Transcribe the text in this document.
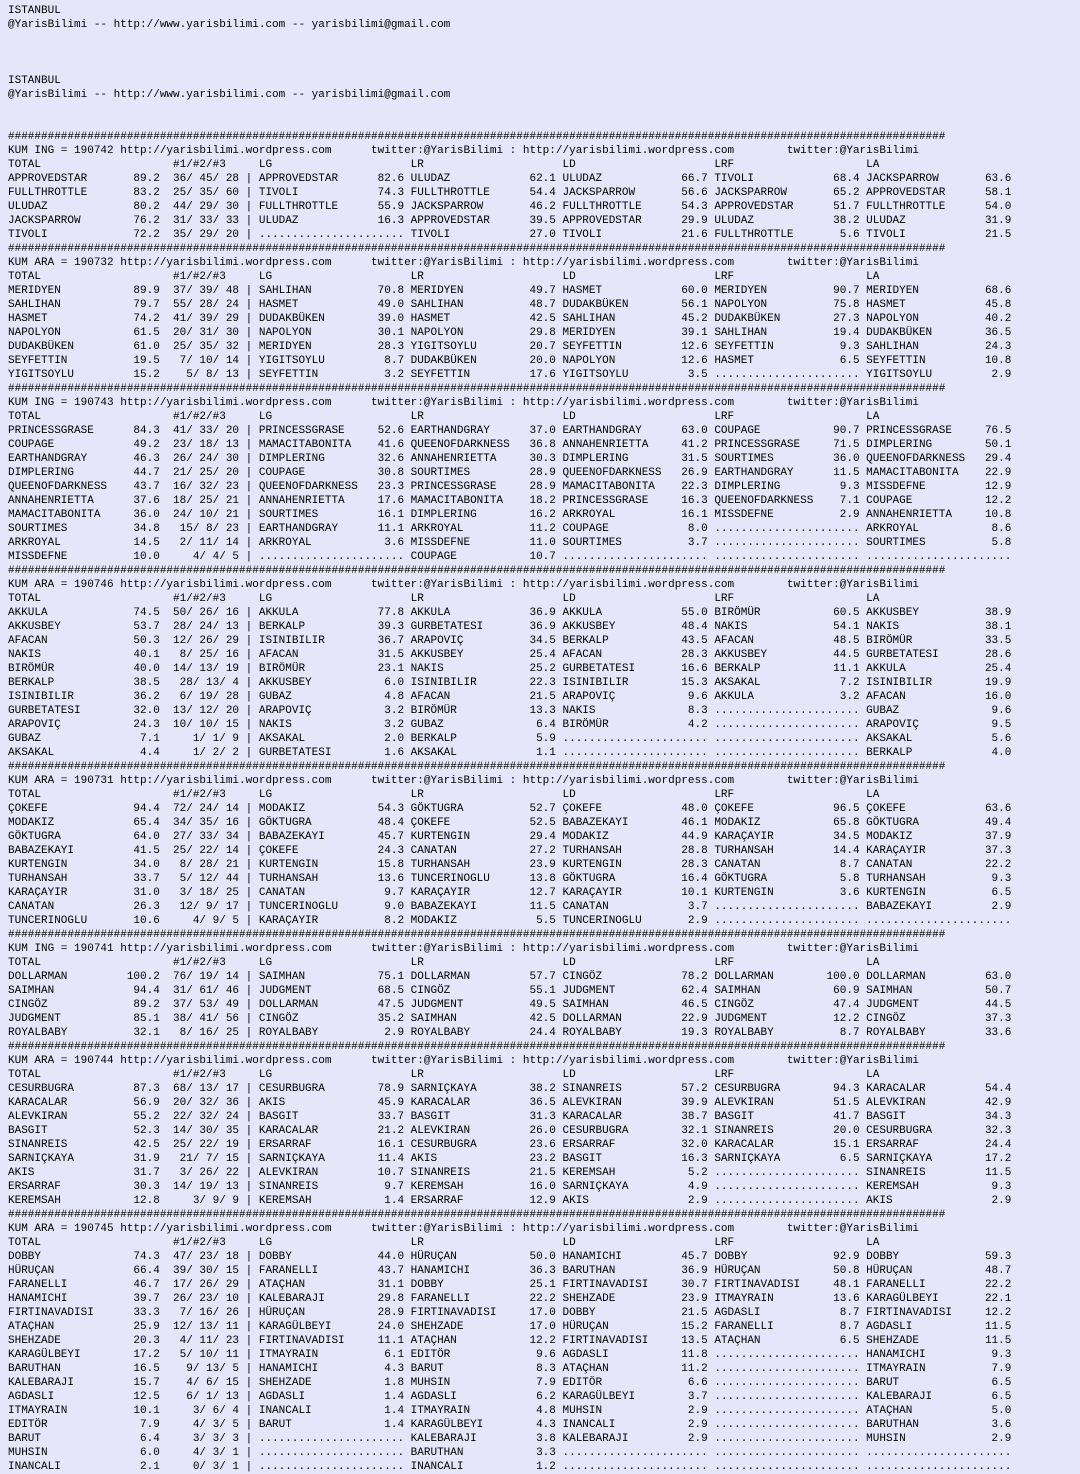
ISTANBUL
@YarisBilimi -- http://www.yarisbilimi.com -- yarisbilimi@gmail.com

ISTANBUL
@YarisBilimi -- http://www.yarisbilimi.com -- yarisbilimi@gmail.com

##############################################################################################################################################
KUM ING = 190742 http://yarisbilimi.wordpress.com      twitter:@YarisBilimi : http://yarisbilimi.wordpress.com        twitter:@YarisBilimi
TOTAL                    #1/#2/#3     LG                     LR                     LD                     LRF                    LA
APPROVEDSTAR       89.2  36/ 45/ 28 | APPROVEDSTAR      82.6 ULUDAZ            62.1 ULUDAZ            66.7 TIVOLI            68.4 JACKSPARROW       63.6
FULLTHROTTLE       83.2  25/ 35/ 60 | TIVOLI            74.3 FULLTHROTTLE      54.4 JACKSPARROW       56.6 JACKSPARROW       65.2 APPROVEDSTAR      58.1
ULUDAZ             80.2  44/ 29/ 30 | FULLTHROTTLE      55.9 JACKSPARROW       46.2 FULLTHROTTLE      54.3 APPROVEDSTAR      51.7 FULLTHROTTLE      54.0
JACKSPARROW        76.2  31/ 33/ 33 | ULUDAZ            16.3 APPROVEDSTAR      39.5 APPROVEDSTAR      29.9 ULUDAZ            38.2 ULUDAZ            31.9
TIVOLI             72.2  35/ 29/ 20 | ...................... TIVOLI            27.0 TIVOLI            21.6 FULLTHROTTLE       5.6 TIVOLI            21.5
##############################################################################################################################################
KUM ARA = 190732 http://yarisbilimi.wordpress.com      twitter:@YarisBilimi : http://yarisbilimi.wordpress.com        twitter:@YarisBilimi
TOTAL                    #1/#2/#3     LG                     LR                     LD                     LRF                    LA
MERIDYEN           89.9  37/ 39/ 48 | SAHLIHAN          70.8 MERIDYEN          49.7 HASMET            60.0 MERIDYEN          90.7 MERIDYEN          68.6
SAHLIHAN           79.7  55/ 28/ 24 | HASMET            49.0 SAHLIHAN          48.7 DUDAKBÜKEN        56.1 NAPOLYON          75.8 HASMET            45.8
HASMET             74.2  41/ 39/ 29 | DUDAKBÜKEN        39.0 HASMET            42.5 SAHLIHAN          45.2 DUDAKBÜKEN        27.3 NAPOLYON          40.2
NAPOLYON           61.5  20/ 31/ 30 | NAPOLYON          30.1 NAPOLYON          29.8 MERIDYEN          39.1 SAHLIHAN          19.4 DUDAKBÜKEN        36.5
DUDAKBÜKEN         61.0  25/ 35/ 32 | MERIDYEN          28.3 YIGITSOYLU        20.7 SEYFETTIN         12.6 SEYFETTIN          9.3 SAHLIHAN          24.3
SEYFETTIN          19.5   7/ 10/ 14 | YIGITSOYLU         8.7 DUDAKBÜKEN        20.0 NAPOLYON          12.6 HASMET             6.5 SEYFETTIN         10.8
YIGITSOYLU         15.2    5/ 8/ 13 | SEYFETTIN          3.2 SEYFETTIN         17.6 YIGITSOYLU         3.5 ...................... YIGITSOYLU         2.9
##############################################################################################################################################
KUM ING = 190743 http://yarisbilimi.wordpress.com      twitter:@YarisBilimi : http://yarisbilimi.wordpress.com        twitter:@YarisBilimi
TOTAL                    #1/#2/#3     LG                     LR                     LD                     LRF                    LA
PRINCESSGRASE      84.3  41/ 33/ 20 | PRINCESSGRASE     52.6 EARTHANDGRAY      37.0 EARTHANDGRAY      63.0 COUPAGE           90.7 PRINCESSGRASE     76.5
COUPAGE            49.2  23/ 18/ 13 | MAMACITABONITA    41.6 QUEENOFDARKNESS   36.8 ANNAHENRIETTA     41.2 PRINCESSGRASE     71.5 DIMPLERING        50.1
EARTHANDGRAY       46.3  26/ 24/ 30 | DIMPLERING        32.6 ANNAHENRIETTA     30.3 DIMPLERING        31.5 SOURTIMES         36.0 QUEENOFDARKNESS   29.4
DIMPLERING         44.7  21/ 25/ 20 | COUPAGE           30.8 SOURTIMES         28.9 QUEENOFDARKNESS   26.9 EARTHANDGRAY      11.5 MAMACITABONITA    22.9
QUEENOFDARKNESS    43.7  16/ 32/ 23 | QUEENOFDARKNESS   23.3 PRINCESSGRASE     28.9 MAMACITABONITA    22.3 DIMPLERING         9.3 MISSDEFNE         12.9
ANNAHENRIETTA      37.6  18/ 25/ 21 | ANNAHENRIETTA     17.6 MAMACITABONITA    18.2 PRINCESSGRASE     16.3 QUEENOFDARKNESS    7.1 COUPAGE           12.2
MAMACITABONITA     36.0  24/ 10/ 21 | SOURTIMES         16.1 DIMPLERING        16.2 ARKROYAL          16.1 MISSDEFNE          2.9 ANNAHENRIETTA     10.8
SOURTIMES          34.8   15/ 8/ 23 | EARTHANDGRAY      11.1 ARKROYAL          11.2 COUPAGE            8.0 ...................... ARKROYAL           8.6
ARKROYAL           14.5   2/ 11/ 14 | ARKROYAL           3.6 MISSDEFNE         11.0 SOURTIMES          3.7 ...................... SOURTIMES          5.8
MISSDEFNE          10.0     4/ 4/ 5 | ...................... COUPAGE           10.7 ...................... ...................... ......................
##############################################################################################################################################
KUM ARA = 190746 http://yarisbilimi.wordpress.com      twitter:@YarisBilimi : http://yarisbilimi.wordpress.com        twitter:@YarisBilimi
TOTAL                    #1/#2/#3     LG                     LR                     LD                     LRF                    LA
AKKULA             74.5  50/ 26/ 16 | AKKULA            77.8 AKKULA            36.9 AKKULA            55.0 BIRÖMÜR           60.5 AKKUSBEY          38.9
AKKUSBEY           53.7  28/ 24/ 13 | BERKALP           39.3 GURBETATESI       36.9 AKKUSBEY          48.4 NAKIS             54.1 NAKIS             38.1
AFACAN             50.3  12/ 26/ 29 | ISINIBILIR        36.7 ARAPOVIÇ          34.5 BERKALP           43.5 AFACAN            48.5 BIRÖMÜR           33.5
NAKIS              40.1   8/ 25/ 16 | AFACAN            31.5 AKKUSBEY          25.4 AFACAN            28.3 AKKUSBEY          44.5 GURBETATESI       28.6
BIRÖMÜR            40.0  14/ 13/ 19 | BIRÖMÜR           23.1 NAKIS             25.2 GURBETATESI       16.6 BERKALP           11.1 AKKULA            25.4
BERKALP            38.5   28/ 13/ 4 | AKKUSBEY           6.0 ISINIBILIR        22.3 ISINIBILIR        15.3 AKSAKAL            7.2 ISINIBILIR        19.9
ISINIBILIR         36.2   6/ 19/ 28 | GUBAZ              4.8 AFACAN            21.5 ARAPOVIÇ           9.6 AKKULA             3.2 AFACAN            16.0
GURBETATESI        32.0  13/ 12/ 20 | ARAPOVIÇ           3.2 BIRÖMÜR           13.3 NAKIS              8.3 ...................... GUBAZ              9.6
ARAPOVIÇ           24.3  10/ 10/ 15 | NAKIS              3.2 GUBAZ              6.4 BIRÖMÜR            4.2 ...................... ARAPOVIÇ           9.5
GUBAZ               7.1     1/ 1/ 9 | AKSAKAL            2.0 BERKALP            5.9 ...................... ...................... AKSAKAL            5.6
AKSAKAL             4.4     1/ 2/ 2 | GURBETATESI        1.6 AKSAKAL            1.1 ...................... ...................... BERKALP            4.0
##############################################################################################################################################
KUM ARA = 190731 http://yarisbilimi.wordpress.com      twitter:@YarisBilimi : http://yarisbilimi.wordpress.com        twitter:@YarisBilimi
TOTAL                    #1/#2/#3     LG                     LR                     LD                     LRF                    LA
ÇOKEFE             94.4  72/ 24/ 14 | MODAKIZ           54.3 GÖKTUGRA          52.7 ÇOKEFE            48.0 ÇOKEFE            96.5 ÇOKEFE            63.6
MODAKIZ            65.4  34/ 35/ 16 | GÖKTUGRA          48.4 ÇOKEFE            52.5 BABAZEKAYI        46.1 MODAKIZ           65.8 GÖKTUGRA          49.4
GÖKTUGRA           64.0  27/ 33/ 34 | BABAZEKAYI        45.7 KURTENGIN         29.4 MODAKIZ           44.9 KARAÇAYIR         34.5 MODAKIZ           37.9
BABAZEKAYI         41.5  25/ 22/ 14 | ÇOKEFE            24.3 CANATAN           27.2 TURHANSAH         28.8 TURHANSAH         14.4 KARAÇAYIR         37.3
KURTENGIN          34.0   8/ 28/ 21 | KURTENGIN         15.8 TURHANSAH         23.9 KURTENGIN         28.3 CANATAN            8.7 CANATAN           22.2
TURHANSAH          33.7   5/ 12/ 44 | TURHANSAH         13.6 TUNCERINOGLU      13.8 GÖKTUGRA          16.4 GÖKTUGRA           5.8 TURHANSAH          9.3
KARAÇAYIR          31.0   3/ 18/ 25 | CANATAN            9.7 KARAÇAYIR         12.7 KARAÇAYIR         10.1 KURTENGIN          3.6 KURTENGIN          6.5
CANATAN            26.3   12/ 9/ 17 | TUNCERINOGLU       9.0 BABAZEKAYI        11.5 CANATAN            3.7 ...................... BABAZEKAYI         2.9
TUNCERINOGLU       10.6     4/ 9/ 5 | KARAÇAYIR          8.2 MODAKIZ            5.5 TUNCERINOGLU       2.9 ...................... ......................
##############################################################################################################################################
KUM ING = 190741 http://yarisbilimi.wordpress.com      twitter:@YarisBilimi : http://yarisbilimi.wordpress.com        twitter:@YarisBilimi
TOTAL                    #1/#2/#3     LG                     LR                     LD                     LRF                    LA
DOLLARMAN         100.2  76/ 19/ 14 | SAIMHAN           75.1 DOLLARMAN         57.7 CINGÖZ            78.2 DOLLARMAN        100.0 DOLLARMAN         63.0
SAIMHAN            94.4  31/ 61/ 46 | JUDGMENT          68.5 CINGÖZ            55.1 JUDGMENT          62.4 SAIMHAN           60.9 SAIMHAN           50.7
CINGÖZ             89.2  37/ 53/ 49 | DOLLARMAN         47.5 JUDGMENT          49.5 SAIMHAN           46.5 CINGÖZ            47.4 JUDGMENT          44.5
JUDGMENT           85.1  38/ 41/ 56 | CINGÖZ            35.2 SAIMHAN           42.5 DOLLARMAN         22.9 JUDGMENT          12.2 CINGÖZ            37.3
ROYALBABY          32.1   8/ 16/ 25 | ROYALBABY          2.9 ROYALBABY         24.4 ROYALBABY         19.3 ROYALBABY          8.7 ROYALBABY         33.6
##############################################################################################################################################
KUM ARA = 190744 http://yarisbilimi.wordpress.com      twitter:@YarisBilimi : http://yarisbilimi.wordpress.com        twitter:@YarisBilimi
TOTAL                    #1/#2/#3     LG                     LR                     LD                     LRF                    LA
CESURBUGRA         87.3  68/ 13/ 17 | CESURBUGRA        78.9 SARNIÇKAYA        38.2 SINANREIS         57.2 CESURBUGRA        94.3 KARACALAR         54.4
KARACALAR          56.9  20/ 32/ 36 | AKIS              45.9 KARACALAR         36.5 ALEVKIRAN         39.9 ALEVKIRAN         51.5 ALEVKIRAN         42.9
ALEVKIRAN          55.2  22/ 32/ 24 | BASGIT            33.7 BASGIT            31.3 KARACALAR         38.7 BASGIT            41.7 BASGIT            34.3
BASGIT             52.3  14/ 30/ 35 | KARACALAR         21.2 ALEVKIRAN         26.0 CESURBUGRA        32.1 SINANREIS         20.0 CESURBUGRA        32.3
SINANREIS          42.5  25/ 22/ 19 | ERSARRAF          16.1 CESURBUGRA        23.6 ERSARRAF          32.0 KARACALAR         15.1 ERSARRAF          24.4
SARNIÇKAYA         31.9   21/ 7/ 15 | SARNIÇKAYA        11.4 AKIS              23.2 BASGIT            16.3 SARNIÇKAYA         6.5 SARNIÇKAYA        17.2
AKIS               31.7   3/ 26/ 22 | ALEVKIRAN         10.7 SINANREIS         21.5 KEREMSAH           5.2 ...................... SINANREIS         11.5
ERSARRAF           30.3  14/ 19/ 13 | SINANREIS          9.7 KEREMSAH          16.0 SARNIÇKAYA         4.9 ...................... KEREMSAH           9.3
KEREMSAH           12.8     3/ 9/ 9 | KEREMSAH           1.4 ERSARRAF          12.9 AKIS               2.9 ...................... AKIS               2.9
##############################################################################################################################################
KUM ARA = 190745 http://yarisbilimi.wordpress.com      twitter:@YarisBilimi : http://yarisbilimi.wordpress.com        twitter:@YarisBilimi
TOTAL                    #1/#2/#3     LG                     LR                     LD                     LRF                    LA
DOBBY              74.3  47/ 23/ 18 | DOBBY             44.0 HÜRUÇAN           50.0 HANAMICHI         45.7 DOBBY             92.9 DOBBY             59.3
HÜRUÇAN            66.4  39/ 30/ 15 | FARANELLI         43.7 HANAMICHI         36.3 BARUTHAN          36.9 HÜRUÇAN           50.8 HÜRUÇAN           48.7
FARANELLI          46.7  17/ 26/ 29 | ATAÇHAN           31.1 DOBBY             25.1 FIRTINAVADISI     30.7 FIRTINAVADISI     48.1 FARANELLI         22.2
HANAMICHI          39.7  26/ 23/ 10 | KALEBARAJI        29.8 FARANELLI         22.2 SHEHZADE          23.9 ITMAYRAIN         13.6 KARAGÜLBEYI       22.1
FIRTINAVADISI      33.3   7/ 16/ 26 | HÜRUÇAN           28.9 FIRTINAVADISI     17.0 DOBBY             21.5 AGDASLI            8.7 FIRTINAVADISI     12.2
ATAÇHAN            25.9  12/ 13/ 11 | KARAGÜLBEYI       24.0 SHEHZADE          17.0 HÜRUÇAN           15.2 FARANELLI          8.7 AGDASLI           11.5
SHEHZADE           20.3   4/ 11/ 23 | FIRTINAVADISI     11.1 ATAÇHAN           12.2 FIRTINAVADISI     13.5 ATAÇHAN            6.5 SHEHZADE          11.5
KARAGÜLBEYI        17.2   5/ 10/ 11 | ITMAYRAIN          6.1 EDITÖR             9.6 AGDASLI           11.8 ...................... HANAMICHI          9.3
BARUTHAN           16.5    9/ 13/ 5 | HANAMICHI          4.3 BARUT              8.3 ATAÇHAN           11.2 ...................... ITMAYRAIN          7.9
KALEBARAJI         15.7    4/ 6/ 15 | SHEHZADE           1.8 MUHSIN             7.9 EDITÖR             6.6 ...................... BARUT              6.5
AGDASLI            12.5    6/ 1/ 13 | AGDASLI            1.4 AGDASLI            6.2 KARAGÜLBEYI        3.7 ...................... KALEBARAJI         6.5
ITMAYRAIN          10.1     3/ 6/ 4 | INANCALI           1.4 ITMAYRAIN          4.8 MUHSIN             2.9 ...................... ATAÇHAN            5.0
EDITÖR              7.9     4/ 3/ 5 | BARUT              1.4 KARAGÜLBEYI        4.3 INANCALI           2.9 ...................... BARUTHAN           3.6
BARUT               6.4     3/ 3/ 3 | ...................... KALEBARAJI         3.8 KALEBARAJI         2.9 ...................... MUHSIN             2.9
MUHSIN              6.0     4/ 3/ 1 | ...................... BARUTHAN           3.3 ...................... ...................... ......................
INANCALI            2.1     0/ 3/ 1 | ...................... INANCALI           1.2 ...................... ...................... ......................
